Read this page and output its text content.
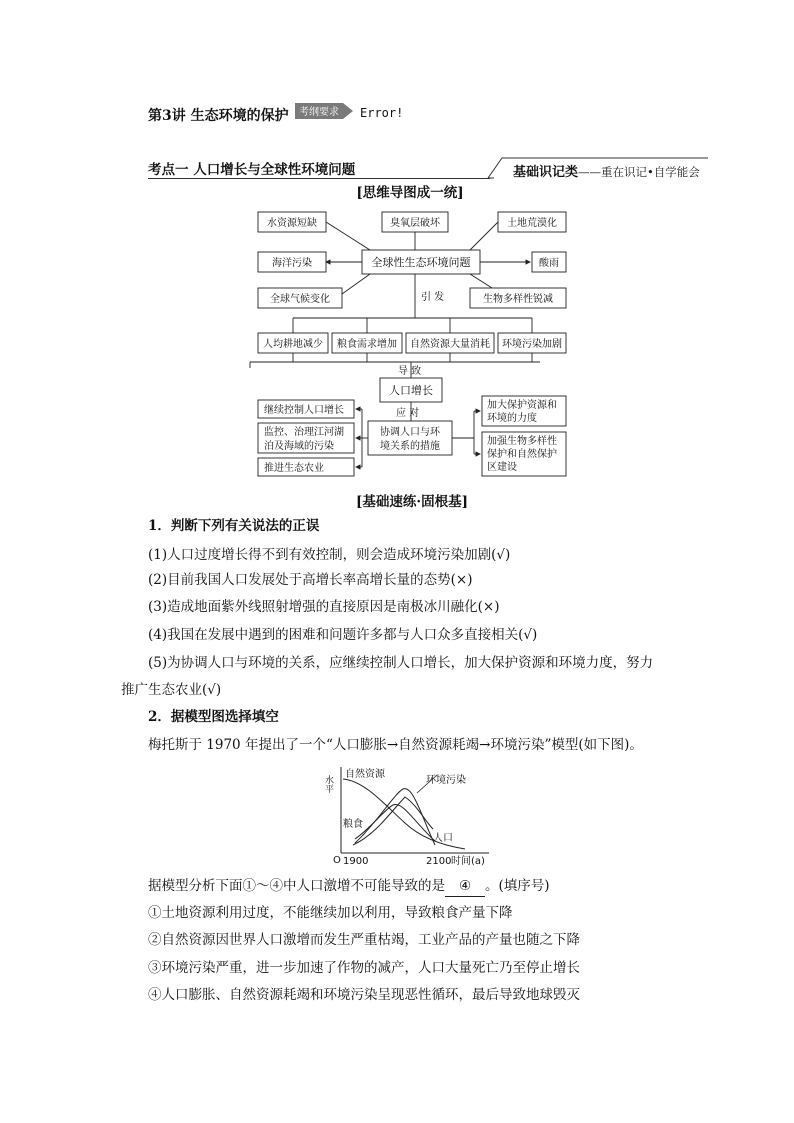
第3讲 生态环境的保护 考纲要求 Error!
考点一 人口增长与全球性环境问题	基础识记类——重在识记•自学能会
[思维导图成一统]
水资源短缺	臭氧层破坏	土地荒漠化
海洋污染	全球性生态环境问题	酸雨
全球气候变化	生物多样性锐减
引 发
人均耕地减少 粮食需求增加 自然资源大量消耗 环境污染加剧
导 致
人口增长
应 对
协调人口与环
境关系的措施
继续控制人口增长
监控、治理江河湖
泊及海域的污染
推进生态农业
加大保护资源和
环境的力度
加强生物多样性
保护和自然保护
区建设
[基础速练·固根基]
1．判断下列有关说法的正误
(1)人口过度增长得不到有效控制，则会造成环境污染加剧(√)
(2)目前我国人口发展处于高增长率高增长量的态势(×)
(3)造成地面紫外线照射增强的直接原因是南极冰川融化(×)
(4)我国在发展中遇到的困难和问题许多都与人口众多直接相关(√)
(5)为协调人口与环境的关系，应继续控制人口增长，加大保护资源和环境力度，努力
推广生态农业(√)
2．据模型图选择填空
梅托斯于 1970 年提出了一个“人口膨胀→自然资源耗竭→环境污染”模型(如下图)。
水平
O 1900	2100 时间(a)
自然资源
环境污染
粮食
人口
据模型分析下面①～④中人口激增不可能导致的是 ④ 。(填序号)
①土地资源利用过度，不能继续加以利用，导致粮食产量下降
②自然资源因世界人口激增而发生严重枯竭，工业产品的产量也随之下降
③环境污染严重，进一步加速了作物的减产，人口大量死亡乃至停止增长
④人口膨胀、自然资源耗竭和环境污染呈现恶性循环，最后导致地球毁灭
